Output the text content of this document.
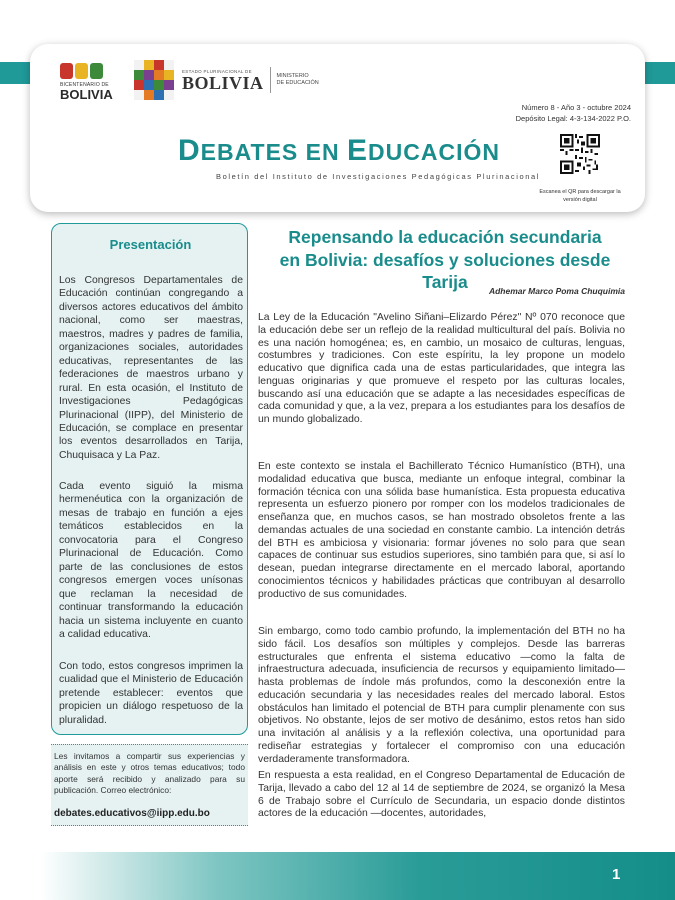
BICENTENARIO DE
BOLIVIA
ESTADO PLURINACIONAL DE
BOLIVIA MINISTERIO
DE EDUCACIÓN
Número 8 - Año 3 - octubre 2024
Depósito Legal: 4-3-134-2022 P.O.
DEBATES EN EDUCACIÓN
Boletín del Instituto de Investigaciones Pedagógicas Plurinacional
Escanea el QR para descargar la versión digital
Presentación

Los Congresos Departamentales de Educación continúan congregando a diversos actores educativos del ámbito nacional, como ser maestras, maestros, madres y padres de familia, organizaciones sociales, autoridades educativas, representantes de las federaciones de maestros urbano y rural. En esta ocasión, el Instituto de Investigaciones Pedagógicas Plurinacional (IIPP), del Ministerio de Educación, se complace en presentar los eventos desarrollados en Tarija, Chuquisaca y La Paz.

Cada evento siguió la misma hermenéutica con la organización de mesas de trabajo en función a ejes temáticos establecidos en la convocatoria para el Congreso Plurinacional de Educación. Como parte de las conclusiones de estos congresos emergen voces unísonas que reclaman la necesidad de continuar transformando la educación hacia un sistema incluyente en cuanto a calidad educativa.

Con todo, estos congresos imprimen la cualidad que el Ministerio de Educación pretende establecer: eventos que propicien un diálogo respetuoso de la pluralidad.

Les invitamos a compartir sus experiencias y análisis en este y otros temas educativos; todo aporte será recibido y analizado para su publicación. Correo electrónico:

debates.educativos@iipp.edu.bo
Repensando la educación secundaria
en Bolivia: desafíos y soluciones desde Tarija	Adhemar Marco Poma Chuquimia

La Ley de la Educación "Avelino Siñani–Elizardo Pérez" Nº 070 reconoce que la educación debe ser un reflejo de la realidad multicultural del país. Bolivia no es una nación homogénea; es, en cambio, un mosaico de culturas, lenguas, costumbres y tradiciones. Con este espíritu, la ley propone un modelo educativo que dignifica cada una de estas particularidades, que integra las lenguas originarias y que promueve el respeto por las culturas locales, buscando así una educación que se adapte a las necesidades específicas de cada comunidad y que, a la vez, prepara a los estudiantes para los desafíos de un mundo globalizado.

En este contexto se instala el Bachillerato Técnico Humanístico (BTH), una modalidad educativa que busca, mediante un enfoque integral, combinar la formación técnica con una sólida base humanística. Esta propuesta educativa representa un esfuerzo pionero por romper con los modelos tradicionales de enseñanza que, en muchos casos, se han mostrado obsoletos frente a las demandas actuales de una sociedad en constante cambio. La intención detrás del BTH es ambiciosa y visionaria: formar jóvenes no solo para que sean capaces de continuar sus estudios superiores, sino también para que, si así lo desean, puedan integrarse directamente en el mercado laboral, aportando conocimientos técnicos y habilidades prácticas que contribuyan al desarrollo productivo de sus comunidades.

Sin embargo, como todo cambio profundo, la implementación del BTH no ha sido fácil. Los desafíos son múltiples y complejos. Desde las barreras estructurales que enfrenta el sistema educativo —como la falta de infraestructura adecuada, insuficiencia de recursos y equipamiento limitado— hasta problemas de índole más profundos, como la desconexión entre la educación secundaria y las necesidades reales del mercado laboral. Estos obstáculos han limitado el potencial de BTH para cumplir plenamente con sus objetivos. No obstante, lejos de ser motivo de desánimo, estos retos han sido una invitación al análisis y a la reflexión colectiva, una oportunidad para rediseñar estrategias y fortalecer el compromiso con una educación verdaderamente transformadora.

En respuesta a esta realidad, en el Congreso Departamental de Educación de Tarija, llevado a cabo del 12 al 14 de septiembre de 2024, se organizó la Mesa 6 de Trabajo sobre el Currículo de Secundaria, un espacio donde distintos actores de la educación —docentes, autoridades,

1
